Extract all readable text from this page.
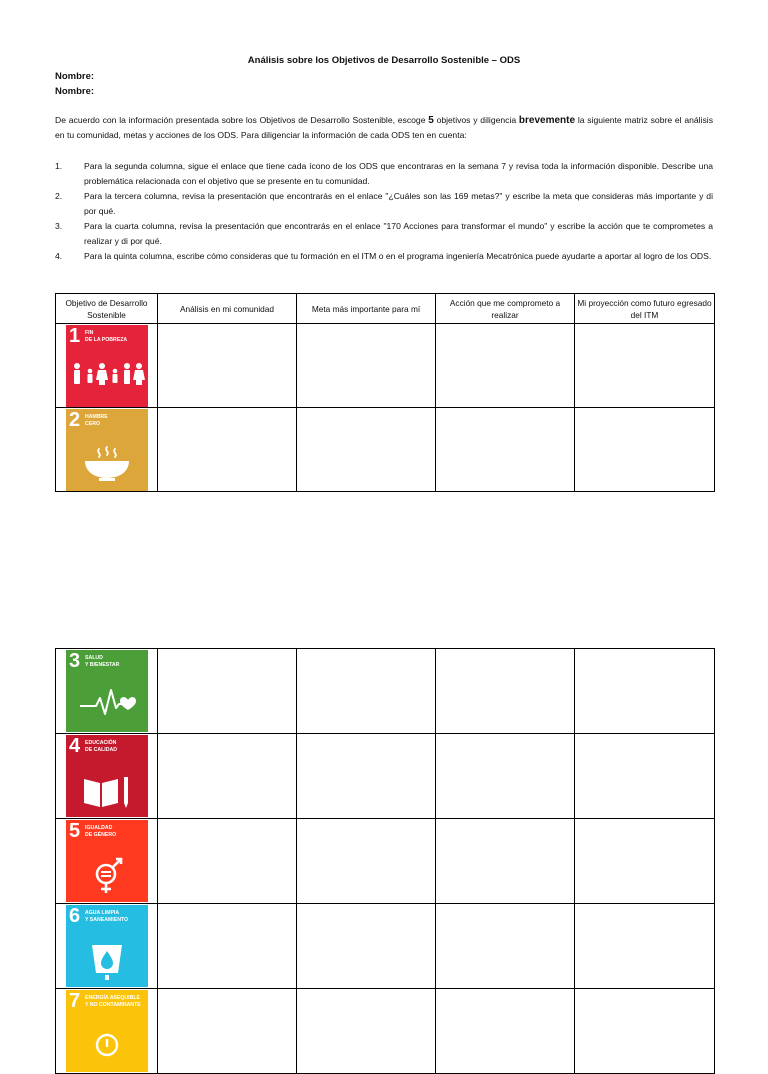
Análisis sobre los Objetivos de Desarrollo Sostenible – ODS
Nombre:
Nombre:
De acuerdo con la información presentada sobre los Objetivos de Desarrollo Sostenible, escoge 5 objetivos y diligencia brevemente la siguiente matriz sobre el análisis en tu comunidad, metas y acciones de los ODS. Para diligenciar la información de cada ODS ten en cuenta:
1.	Para la segunda columna, sigue el enlace que tiene cada ícono de los ODS que encontraras en la semana 7 y revisa toda la información disponible. Describe una problemática relacionada con el objetivo que se presente en tu comunidad.
2.	Para la tercera columna, revisa la presentación que encontrarás en el enlace "¿Cuáles son las 169 metas?" y escribe la meta que consideras más importante y di por qué.
3.	Para la cuarta columna, revisa la presentación que encontrarás en el enlace "170 Acciones para transformar el mundo" y escribe la acción que te comprometes a realizar y di por qué.
4.	Para la quinta columna, escribe cómo consideras que tu formación en el ITM o en el programa ingeniería Mecatrónica puede ayudarte a aportar al logro de los ODS.
Objetivo de Desarrollo Sostenible	Análisis en mi comunidad	Meta más importante para mí	Acción que me comprometo a realizar	Mi proyección como futuro egresado del ITM

1 FIN
DE LA POBREZA				

2 HAMBRE
CERO				

3 SALUD
Y BIENESTAR				

4 EDUCACIÓN
DE CALIDAD				

5 IGUALDAD
DE GÉNERO				

6 AGUA LIMPIA
Y SANEAMIENTO				

7 ENERGÍA ASEQUIBLE
Y NO CONTAMINANTE				
